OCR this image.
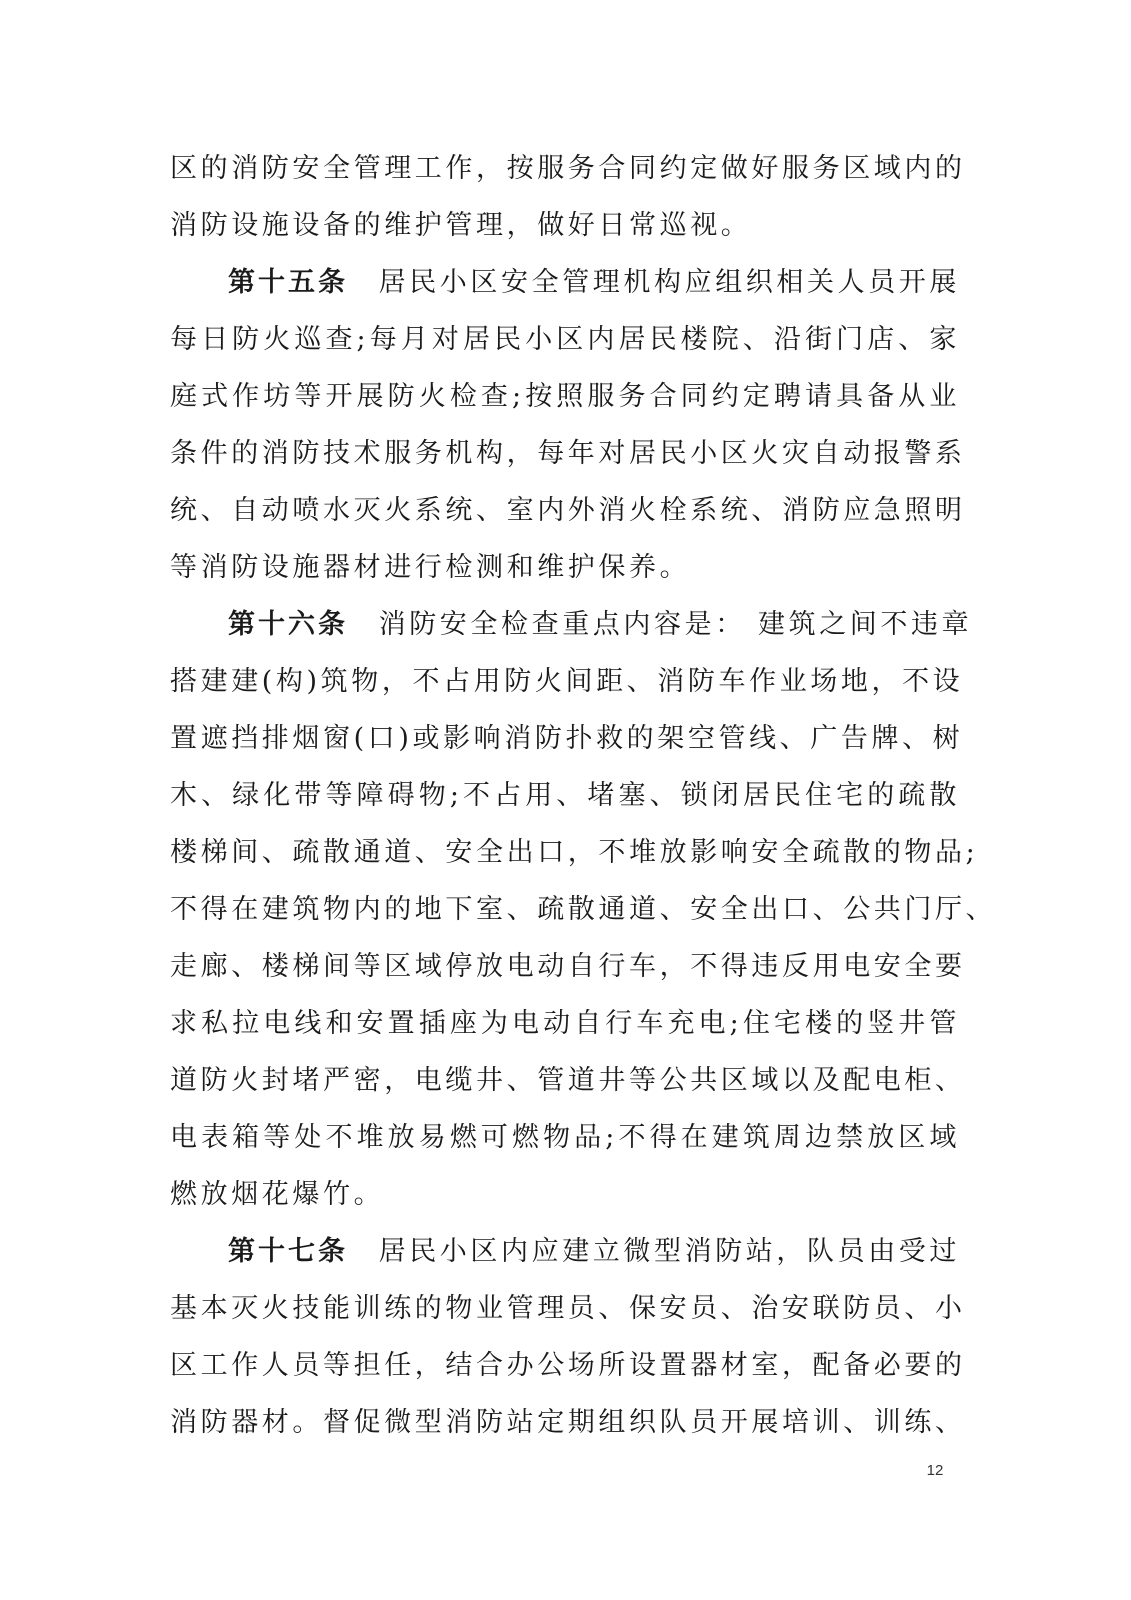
区的消防安全管理工作，按服务合同约定做好服务区域内的
消防设施设备的维护管理，做好日常巡视。
第十五条  居民小区安全管理机构应组织相关人员开展
每日防火巡查;每月对居民小区内居民楼院、沿街门店、家
庭式作坊等开展防火检查;按照服务合同约定聘请具备从业
条件的消防技术服务机构，每年对居民小区火灾自动报警系
统、自动喷水灭火系统、室内外消火栓系统、消防应急照明
等消防设施器材进行检测和维护保养。
第十六条  消防安全检查重点内容是： 建筑之间不违章
搭建建(构)筑物，不占用防火间距、消防车作业场地，不设
置遮挡排烟窗(口)或影响消防扑救的架空管线、广告牌、树
木、绿化带等障碍物;不占用、堵塞、锁闭居民住宅的疏散
楼梯间、疏散通道、安全出口，不堆放影响安全疏散的物品;
不得在建筑物内的地下室、疏散通道、安全出口、公共门厅、
走廊、楼梯间等区域停放电动自行车，不得违反用电安全要
求私拉电线和安置插座为电动自行车充电;住宅楼的竖井管
道防火封堵严密，电缆井、管道井等公共区域以及配电柜、
电表箱等处不堆放易燃可燃物品;不得在建筑周边禁放区域
燃放烟花爆竹。
第十七条  居民小区内应建立微型消防站，队员由受过
基本灭火技能训练的物业管理员、保安员、治安联防员、小
区工作人员等担任，结合办公场所设置器材室，配备必要的
消防器材。督促微型消防站定期组织队员开展培训、训练、
12
